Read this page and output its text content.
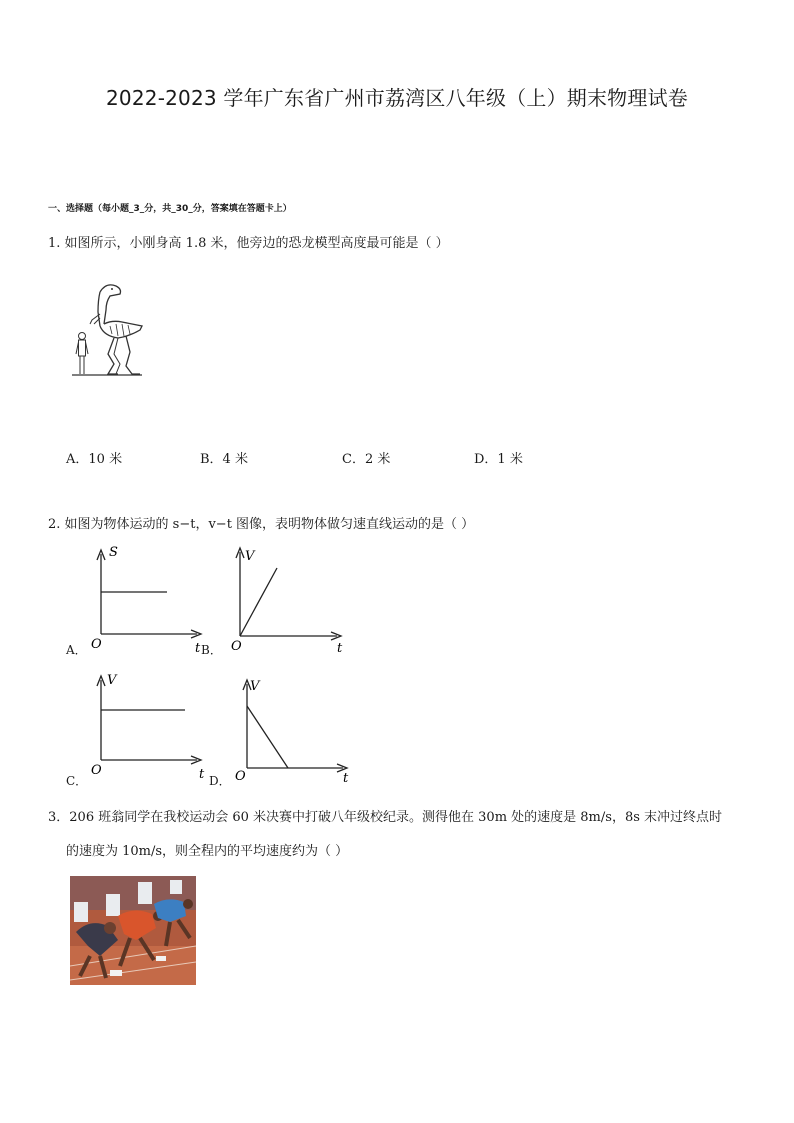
2022-2023 学年广东省广州市荔湾区八年级（上）期末物理试卷
一、选择题（每小题_3_分，共_30_分，答案填在答题卡上）
1. 如图所示，小刚身高 1.8 米，他旁边的恐龙模型高度最可能是（ ）
A．10 米	B．4 米	C．2 米	D．1 米
2. 如图为物体运动的 s−t，v−t 图像，表明物体做匀速直线运动的是（ ）
S
O	t
A．
V
O	t
B．
V
O	t
C．
V
O	t
D．
3．206 班翁同学在我校运动会 60 米决赛中打破八年级校纪录。测得他在 30m 处的速度是 8m/s，8s 末冲过终点时
的速度为 10m/s，则全程内的平均速度约为（ ）
